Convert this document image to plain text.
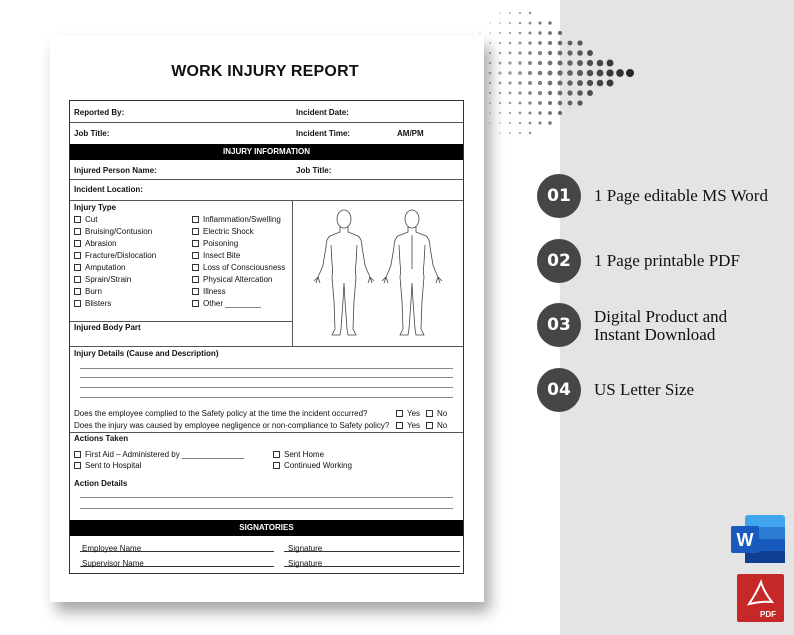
WORK INJURY REPORT
Reported By:	Incident Date:
Job Title:	Incident Time:	AM/PM
INJURY INFORMATION
Injured Person Name:	Job Title:
Incident Location:
Injury Type
Cut
Bruising/Contusion
Abrasion
Fracture/Dislocation
Amputation
Sprain/Strain
Burn
Blisters
Inflammation/Swelling
Electric Shock
Poisoning
Insect Bite
Loss of Consciousness
Physical Altercation
Illness
Other ________
Injured Body Part
Injury Details (Cause and Description)
Does the employee complied to the Safety policy at the time the incident occurred?	Yes	No
Does the injury was caused by employee negligence or non-compliance to Safety policy?	Yes	No
Actions Taken
First Aid – Administered by ______________
Sent to Hospital
Sent Home
Continued Working
Action Details
SIGNATORIES
Employee Name	Signature
Supervisor Name	Signature
01	1 Page editable MS Word
02	1 Page printable PDF
03	Digital Product and
Instant Download
04	US Letter Size
W
PDF
